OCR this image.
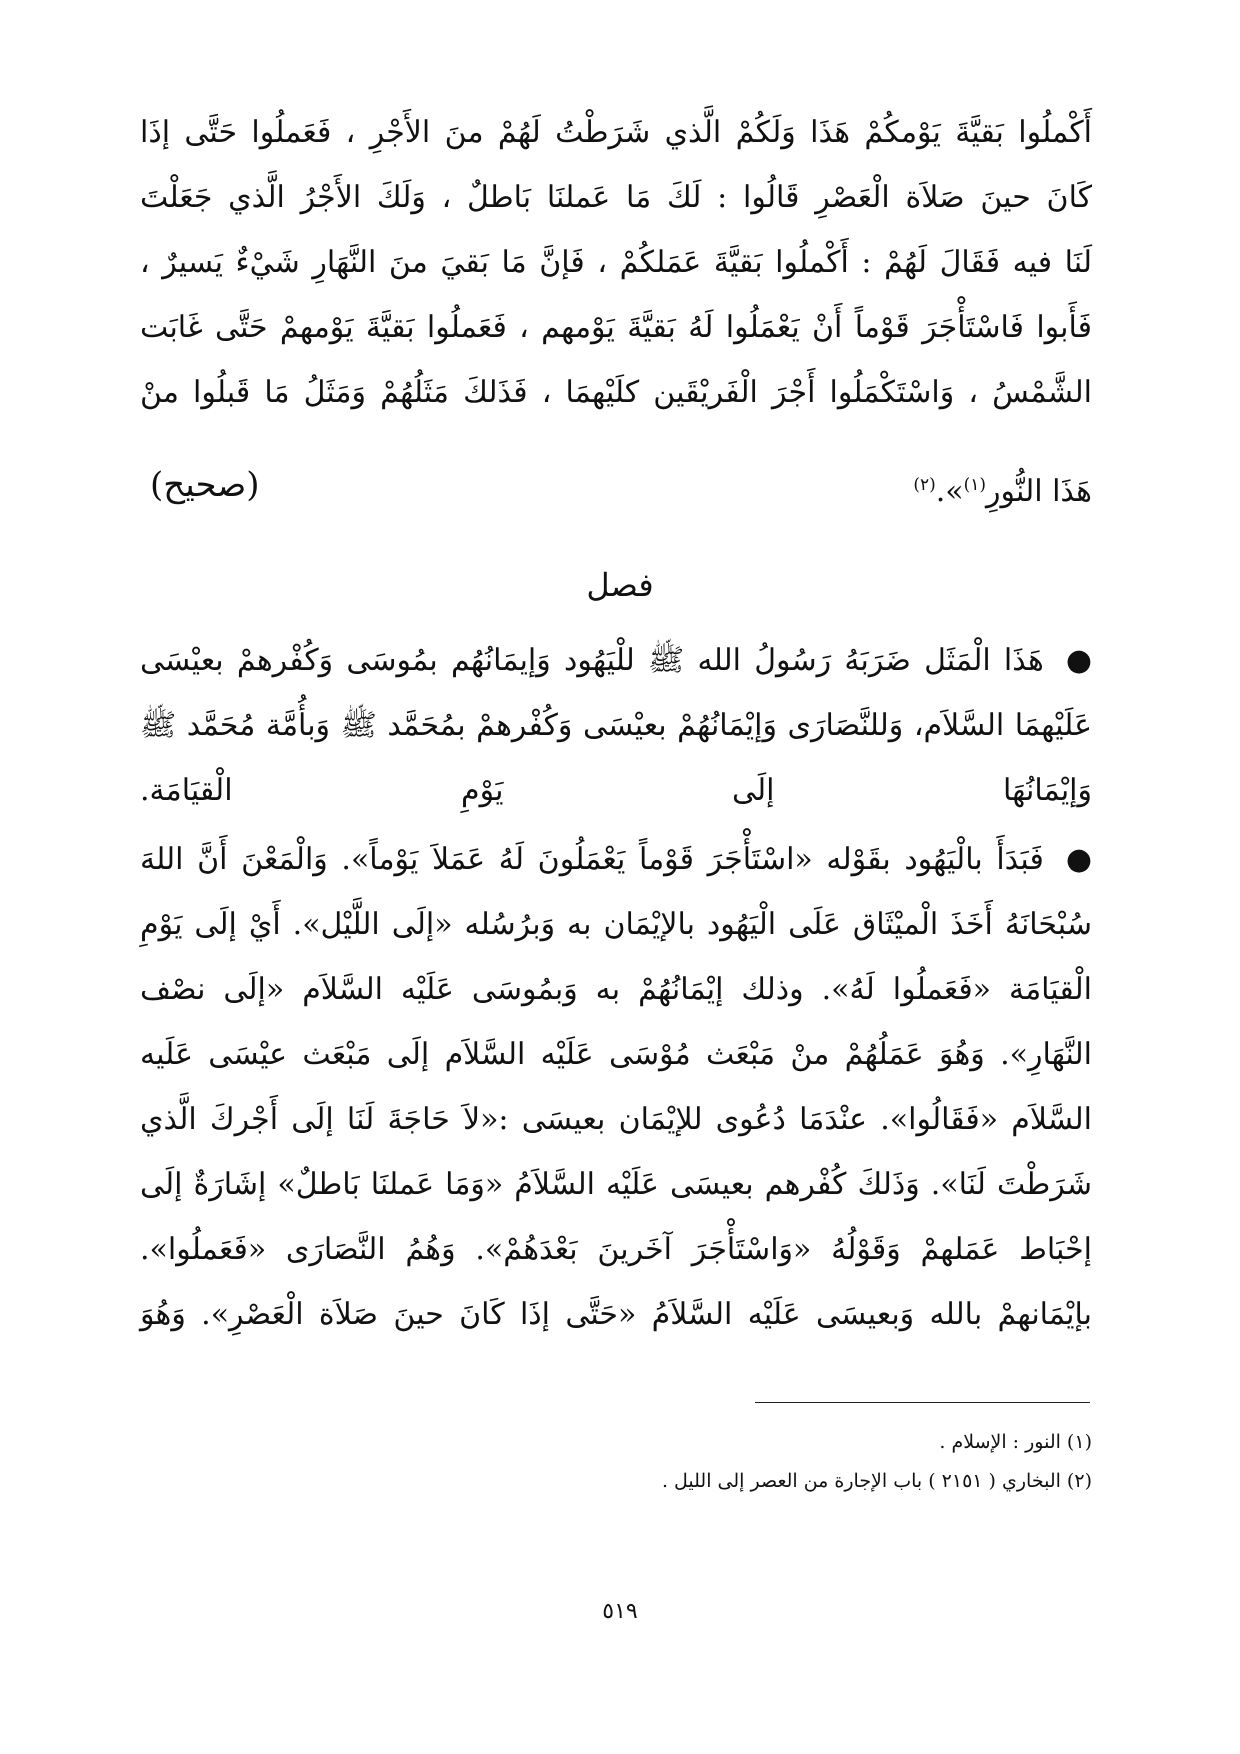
أَكْملُوا بَقيَّةَ يَوْمكُمْ هَذَا وَلَكُمْ الَّذي شَرَطْتُ لَهُمْ منَ الأَجْرِ ، فَعَملُوا حَتَّى إذَا
كَانَ حينَ صَلاَة الْعَصْرِ قَالُوا : لَكَ مَا عَملنَا بَاطلٌ ، وَلَكَ الأَجْرُ الَّذي جَعَلْتَ
لَنَا فيه فَقَالَ لَهُمْ : أَكْملُوا بَقيَّةَ عَمَلكُمْ ، فَإنَّ مَا بَقيَ منَ النَّهَارِ شَيْءٌ يَسيرٌ ،
فَأَبوا فَاسْتَأْجَرَ قَوْماً أَنْ يَعْمَلُوا لَهُ بَقيَّةَ يَوْمهم ، فَعَملُوا بَقيَّةَ يَوْمهمْ حَتَّى غَابَت
الشَّمْسُ ، وَاسْتَكْمَلُوا أَجْرَ الْفَريْقَين كلَيْهمَا ، فَذَلكَ مَثَلُهُمْ وَمَثَلُ مَا قَبلُوا منْ
هَذَا النُّورِ$^{(١)}$».$^{(٢)}$
(صحيح)
فصل
●هَذَا الْمَثَل ضَرَبَهُ رَسُولُ الله ﷺ للْيَهُود وَإيمَانُهُم بمُوسَى وَكُفْرهمْ بعيْسَى عَلَيْهمَا السَّلاَم، وَللنَّصَارَى وَإيْمَانُهُمْ بعيْسَى وَكُفْرهمْ بمُحَمَّد ﷺ وَبأُمَّة مُحَمَّد ﷺ وَإيْمَانُهَا إلَى يَوْمِ الْقيَامَة.
●فَبَدَأَ بالْيَهُود بقَوْله «اسْتَأْجَرَ قَوْماً يَعْمَلُونَ لَهُ عَمَلاَ يَوْماً». وَالْمَعْنَ أَنَّ اللهَ سُبْحَانَهُ أَخَذَ الْميْثَاق عَلَى الْيَهُود بالإيْمَان به وَبرُسُله «إلَى اللَّيْل». أَيْ إلَى يَوْمِ الْقيَامَة «فَعَملُوا لَهُ». وذلك إيْمَانُهُمْ به وَبمُوسَى عَلَيْه السَّلاَم «إلَى نصْف النَّهَارِ». وَهُوَ عَمَلُهُمْ منْ مَبْعَث مُوْسَى عَلَيْه السَّلاَم إلَى مَبْعَث عيْسَى عَلَيه السَّلاَم «فَقَالُوا». عنْدَمَا دُعُوى للإيْمَان بعيسَى :«لاَ حَاجَةَ لَنَا إلَى أَجْركَ الَّذي شَرَطْتَ لَنَا». وَذَلكَ كُفْرهم بعيسَى عَلَيْه السَّلاَمُ «وَمَا عَملنَا بَاطلٌ» إشَارَةٌ إلَى إحْبَاط عَمَلهمْ وَقَوْلُهُ «وَاسْتَأْجَرَ آخَرينَ بَعْدَهُمْ». وَهُمُ النَّصَارَى «فَعَملُوا». بإيْمَانهمْ بالله وَبعيسَى عَلَيْه السَّلاَمُ «حَتَّى إذَا كَانَ حينَ صَلاَة الْعَصْرِ». وَهُوَ
(١) النور : الإسلام .
(٢) البخاري ( ٢١٥١ ) باب الإجارة من العصر إلى الليل .
٥١٩
